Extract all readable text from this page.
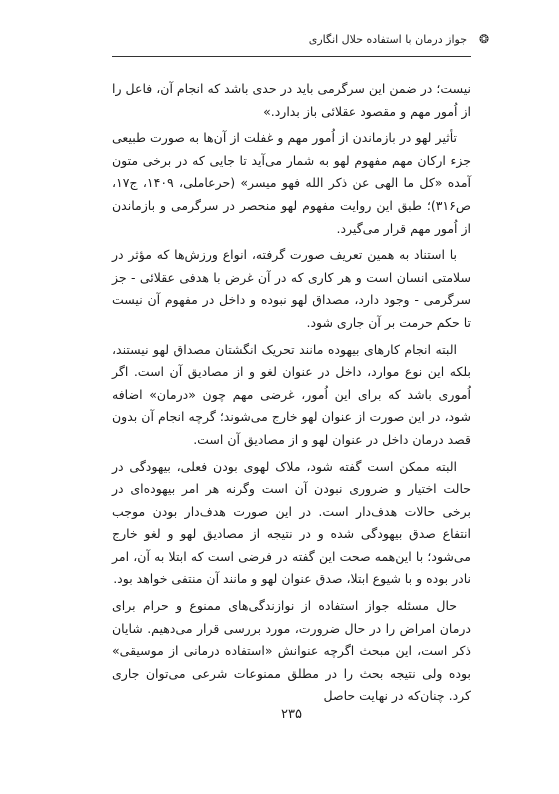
جواز درمان با استفاده حلال انگاری ❂

نیست؛ در ضمن این سرگرمی باید در حدی باشد که انجام آن، فاعل را از اُمور مهم و مقصود عقلائی باز بدارد.»

تأثیر لهو در بازماندن از اُمور مهم و غفلت از آن‌ها به صورت طبیعی جزء ارکان مهم مفهوم لهو به شمار می‌آید تا جایی که در برخی متون آمده «کل ما الهی عن ذکر الله فهو میسر» (حرعاملی، ۱۴۰۹، ج۱۷، ص۳۱۶)؛ طبق این روایت مفهوم لهو منحصر در سرگرمی و بازماندن از اُمور مهم قرار می‌گیرد.

با استناد به همین تعریف صورت گرفته، انواع ورزش‌ها که مؤثر در سلامتی انسان است و هر کاری که در آن غرض با هدفی عقلائی - جز سرگرمی - وجود دارد، مصداق لهو نبوده و داخل در مفهوم آن نیست تا حکم حرمت بر آن جاری شود.

البته انجام کارهای بیهوده مانند تحریک انگشتان مصداق لهو نیستند، بلکه این نوع موارد، داخل در عنوان لغو و از مصادیق آن است. اگر اُموری باشد که برای این اُمور، غرضی مهم چون «درمان» اضافه شود، در این صورت از عنوان لهو خارج می‌شوند؛ گرچه انجام آن بدون قصد درمان داخل در عنوان لهو و از مصادیق آن است.

البته ممکن است گفته شود، ملاک لهوی بودن فعلی، بیهودگی در حالت اختیار و ضروری نبودن آن است وگرنه هر امر بیهوده‌ای در برخی حالات هدف‌دار است. در این صورت هدف‌دار بودن موجب انتفاع صدق بیهودگی شده و در نتیجه از مصادیق لهو و لغو خارج می‌شود؛ با این‌همه صحت این گفته در فرضی است که ابتلا به آن، امر نادر بوده و با شیوع ابتلا، صدق عنوان لهو و مانند آن منتفی خواهد بود.

حال مسئله جواز استفاده از نوازندگی‌های ممنوع و حرام برای درمان امراض را در حال ضرورت، مورد بررسی قرار می‌دهیم. شایان ذکر است، این مبحث اگرچه عنوانش «استفاده درمانی از موسیقی» بوده ولی نتیجه بحث را در مطلق ممنوعات شرعی می‌توان جاری کرد. چنان‌که در نهایت حاصل

۲۳۵
